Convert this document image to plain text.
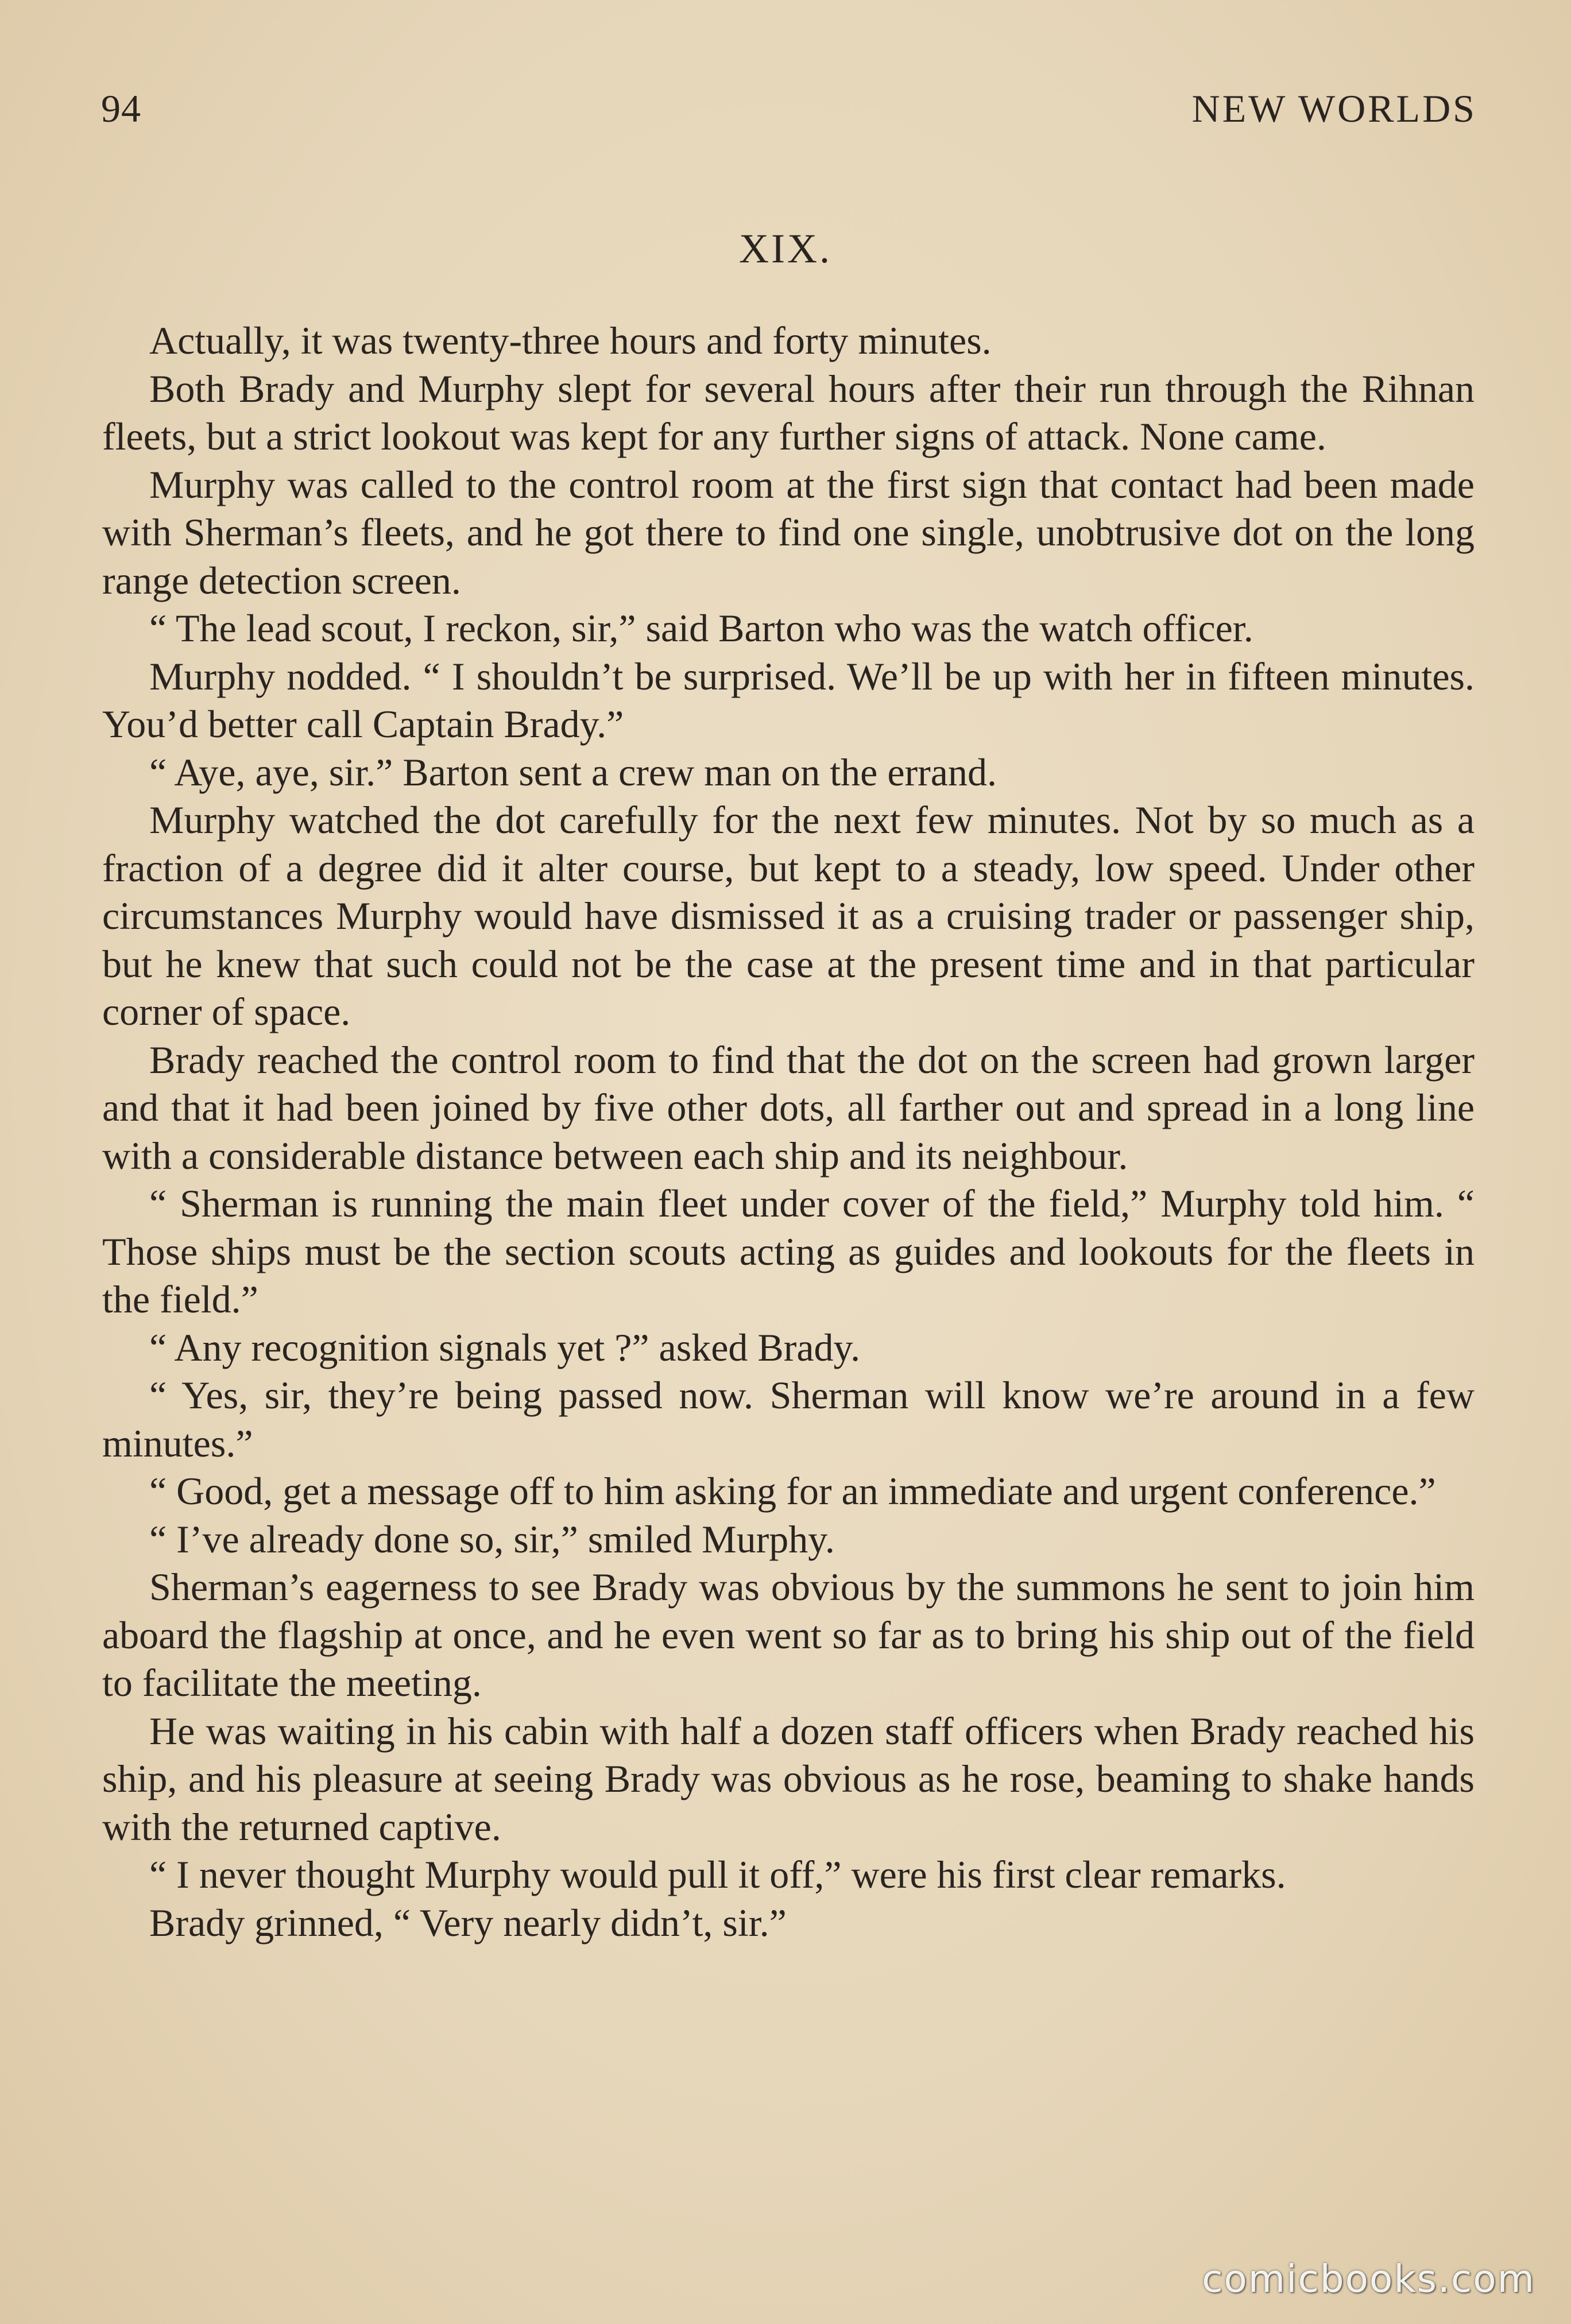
94	NEW WORLDS
XIX.

Actually, it was twenty-three hours and forty minutes.

Both Brady and Murphy slept for several hours after their run through the Rihnan fleets, but a strict lookout was kept for any further signs of attack. None came.

Murphy was called to the control room at the first sign that contact had been made with Sherman’s fleets, and he got there to find one single, unobtrusive dot on the long range detection screen.

“ The lead scout, I reckon, sir,” said Barton who was the watch officer.

Murphy nodded. “ I shouldn’t be surprised. We’ll be up with her in fifteen minutes. You’d better call Captain Brady.”

“ Aye, aye, sir.” Barton sent a crew man on the errand.

Murphy watched the dot carefully for the next few minutes. Not by so much as a fraction of a degree did it alter course, but kept to a steady, low speed. Under other circumstances Murphy would have dismissed it as a cruising trader or passenger ship, but he knew that such could not be the case at the present time and in that particular corner of space.

Brady reached the control room to find that the dot on the screen had grown larger and that it had been joined by five other dots, all farther out and spread in a long line with a considerable distance between each ship and its neighbour.

“ Sherman is running the main fleet under cover of the field,” Murphy told him. “ Those ships must be the section scouts acting as guides and lookouts for the fleets in the field.”

“ Any recognition signals yet ?” asked Brady.

“ Yes, sir, they’re being passed now. Sherman will know we’re around in a few minutes.”

“ Good, get a message off to him asking for an immediate and urgent conference.”

“ I’ve already done so, sir,” smiled Murphy.

Sherman’s eagerness to see Brady was obvious by the summons he sent to join him aboard the flagship at once, and he even went so far as to bring his ship out of the field to facilitate the meeting.

He was waiting in his cabin with half a dozen staff officers when Brady reached his ship, and his pleasure at seeing Brady was obvious as he rose, beaming to shake hands with the returned captive.

“ I never thought Murphy would pull it off,” were his first clear remarks.

Brady grinned, “ Very nearly didn’t, sir.”

comicbooks.com
